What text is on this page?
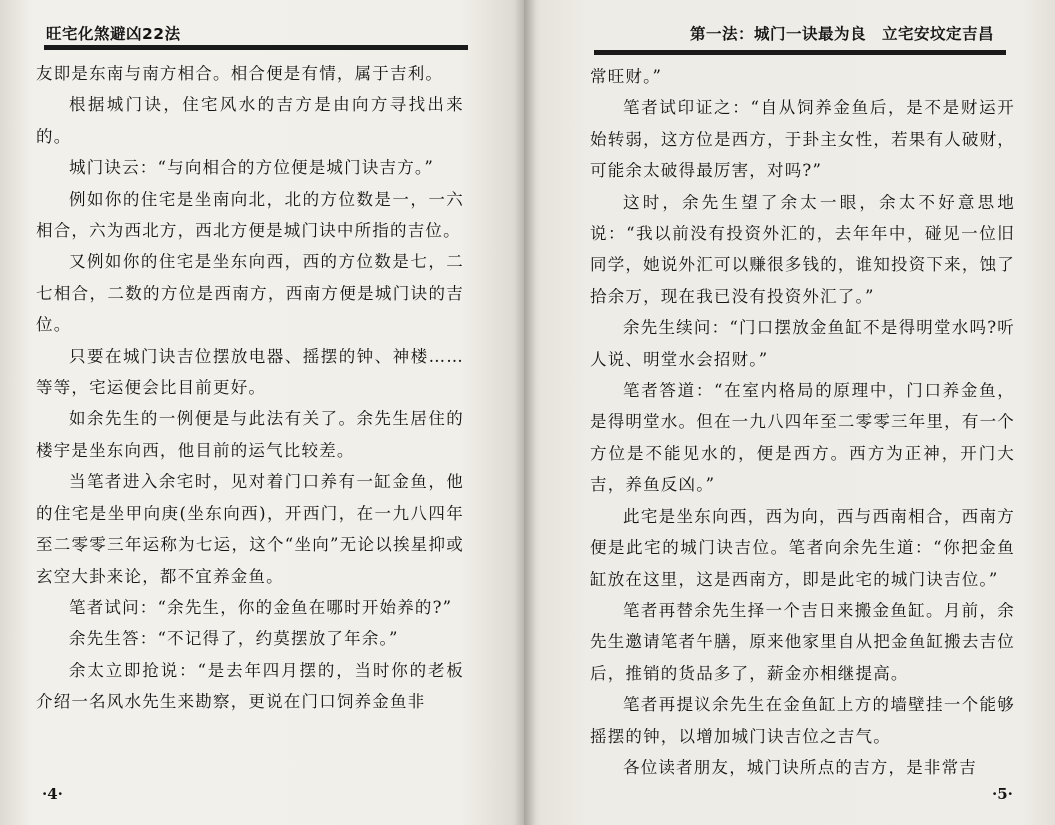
旺宅化煞避凶22法

友即是东南与南方相合。相合便是有情，属于吉利。

根据城门诀，住宅风水的吉方是由向方寻找出来的。

城门诀云：“与向相合的方位便是城门诀吉方。”

例如你的住宅是坐南向北，北的方位数是一，一六相合，六为西北方，西北方便是城门诀中所指的吉位。

又例如你的住宅是坐东向西，西的方位数是七，二七相合，二数的方位是西南方，西南方便是城门诀的吉位。

只要在城门诀吉位摆放电器、摇摆的钟、神楼……等等，宅运便会比目前更好。

如余先生的一例便是与此法有关了。余先生居住的楼宇是坐东向西，他目前的运气比较差。

当笔者进入余宅时，见对着门口养有一缸金鱼，他的住宅是坐甲向庚(坐东向西)，开西门，在一九八四年至二零零三年运称为七运，这个“坐向”无论以挨星抑或玄空大卦来论，都不宜养金鱼。

笔者试问：“余先生，你的金鱼在哪时开始养的?”

余先生答：“不记得了，约莫摆放了年余。”

余太立即抢说：“是去年四月摆的，当时你的老板介绍一名风水先生来勘察，更说在门口饲养金鱼非

·4·
第一法：城门一诀最为良　立宅安坟定吉昌

常旺财。”

笔者试印证之：“自从饲养金鱼后，是不是财运开始转弱，这方位是西方，于卦主女性，若果有人破财，可能余太破得最厉害，对吗?”

这时，余先生望了余太一眼，余太不好意思地说：“我以前没有投资外汇的，去年年中，碰见一位旧同学，她说外汇可以赚很多钱的，谁知投资下来，蚀了拾余万，现在我已没有投资外汇了。”

余先生续问：“门口摆放金鱼缸不是得明堂水吗?听人说、明堂水会招财。”

笔者答道：“在室内格局的原理中，门口养金鱼，是得明堂水。但在一九八四年至二零零三年里，有一个方位是不能见水的，便是西方。西方为正神，开门大吉，养鱼反凶。”

此宅是坐东向西，西为向，西与西南相合，西南方便是此宅的城门诀吉位。笔者向余先生道：“你把金鱼缸放在这里，这是西南方，即是此宅的城门诀吉位。”

笔者再替余先生择一个吉日来搬金鱼缸。月前，余先生邀请笔者午膳，原来他家里自从把金鱼缸搬去吉位后，推销的货品多了，薪金亦相继提高。

笔者再提议余先生在金鱼缸上方的墙壁挂一个能够摇摆的钟，以增加城门诀吉位之吉气。

各位读者朋友，城门诀所点的吉方，是非常吉

·5·
